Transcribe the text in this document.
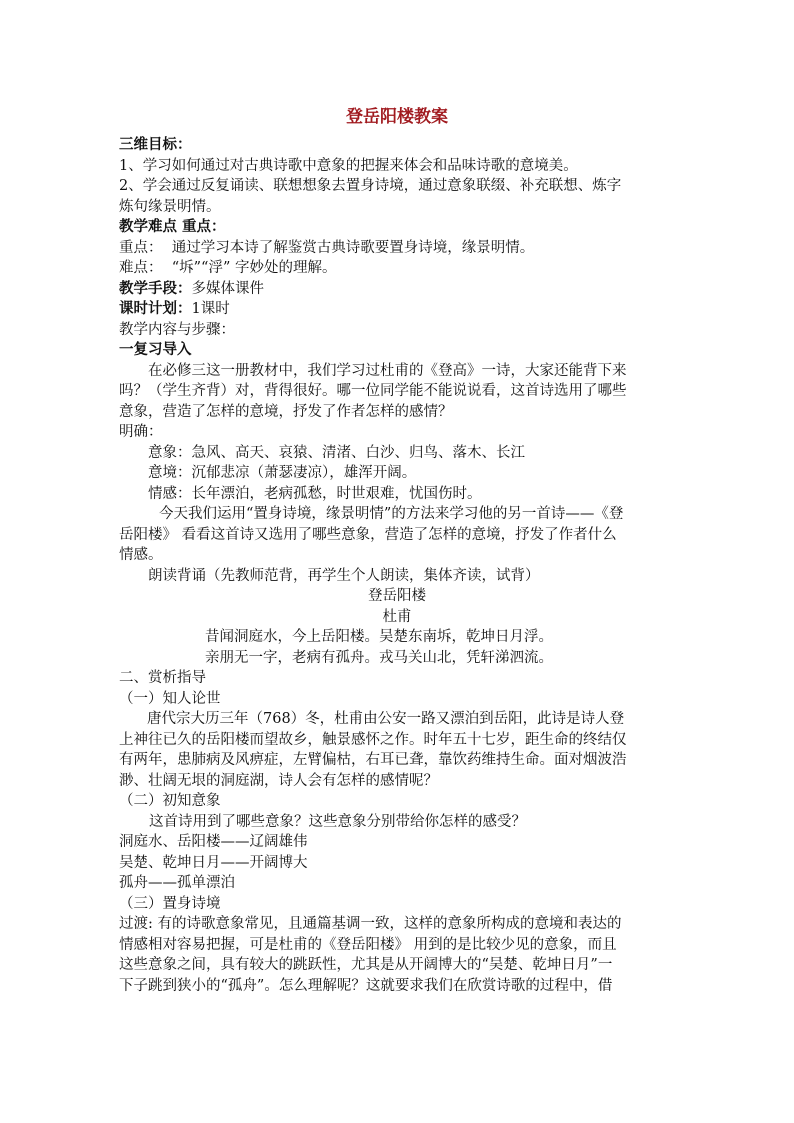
登岳阳楼教案
三维目标：
1、学习如何通过对古典诗歌中意象的把握来体会和品味诗歌的意境美。
2、学会通过反复诵读、联想想象去置身诗境，通过意象联缀、补充联想、炼字
炼句缘景明情。
教学难点 重点：
重点：  通过学习本诗了解鉴赏古典诗歌要置身诗境，缘景明情。
难点：  “坼”“浮” 字妙处的理解。
教学手段：多媒体课件
课时计划：1课时
教学内容与步骤：
一复习导入
在必修三这一册教材中，我们学习过杜甫的《登高》一诗，大家还能背下来
吗？（学生齐背）对，背得很好。哪一位同学能不能说说看，这首诗选用了哪些
意象，营造了怎样的意境，抒发了作者怎样的感情？
明确：
意象：急风、高天、哀猿、清渚、白沙、归鸟、落木、长江
意境：沉郁悲凉（萧瑟凄凉），雄浑开阔。
情感：长年漂泊，老病孤愁，时世艰难，忧国伤时。
今天我们运用“置身诗境，缘景明情”的方法来学习他的另一首诗——《登
岳阳楼》 看看这首诗又选用了哪些意象，营造了怎样的意境，抒发了作者什么
情感。
朗读背诵（先教师范背，再学生个人朗读，集体齐读，试背）
登岳阳楼
杜甫
昔闻洞庭水，今上岳阳楼。吴楚东南坼，乾坤日月浮。
亲朋无一字，老病有孤舟。戎马关山北，凭轩涕泗流。
二、赏析指导
（一）知人论世
唐代宗大历三年（768）冬，杜甫由公安一路又漂泊到岳阳，此诗是诗人登
上神往已久的岳阳楼而望故乡，触景感怀之作。时年五十七岁，距生命的终结仅
有两年，患肺病及风痹症，左臂偏枯，右耳已聋，靠饮药维持生命。面对烟波浩
渺、壮阔无垠的洞庭湖，诗人会有怎样的感情呢？
（二）初知意象
这首诗用到了哪些意象？这些意象分别带给你怎样的感受？
洞庭水、岳阳楼——辽阔雄伟
吴楚、乾坤日月——开阔博大
孤舟——孤单漂泊
（三）置身诗境
过渡: 有的诗歌意象常见，且通篇基调一致，这样的意象所构成的意境和表达的
情感相对容易把握，可是杜甫的《登岳阳楼》 用到的是比较少见的意象，而且
这些意象之间，具有较大的跳跃性，尤其是从开阔博大的“吴楚、乾坤日月”一
下子跳到狭小的“孤舟”。怎么理解呢？这就要求我们在欣赏诗歌的过程中，借
